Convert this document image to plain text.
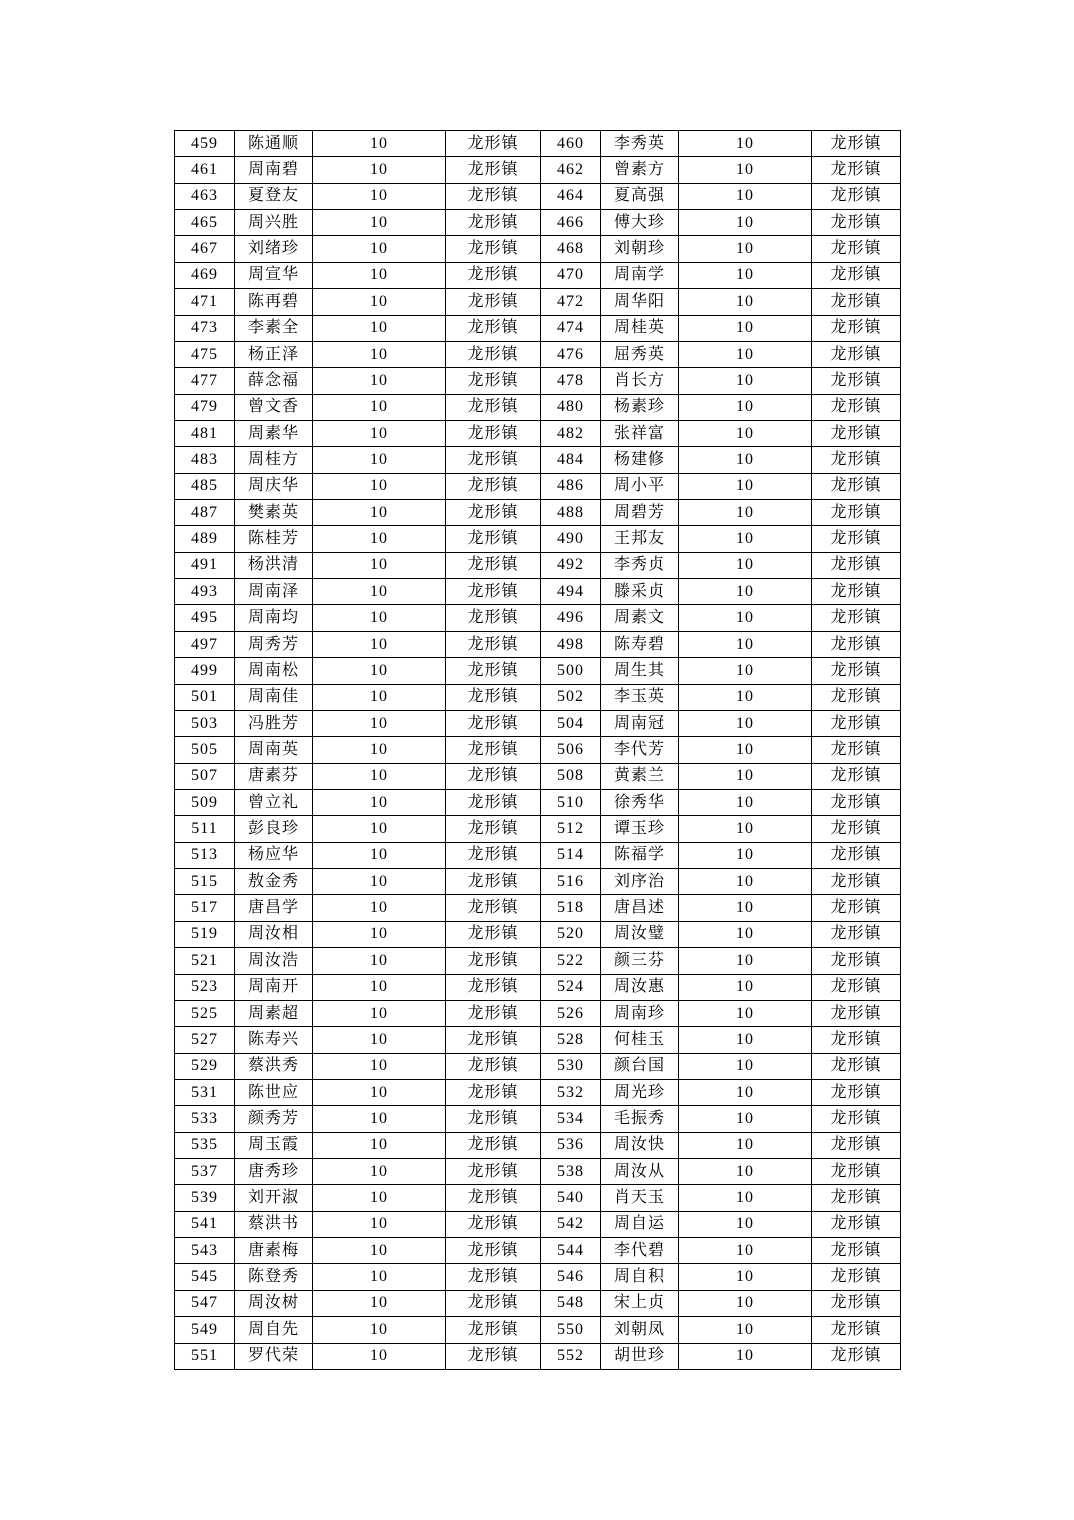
459	陈通顺	10	龙形镇	460	李秀英	10	龙形镇
461	周南碧	10	龙形镇	462	曾素方	10	龙形镇
463	夏登友	10	龙形镇	464	夏高强	10	龙形镇
465	周兴胜	10	龙形镇	466	傅大珍	10	龙形镇
467	刘绪珍	10	龙形镇	468	刘朝珍	10	龙形镇
469	周宣华	10	龙形镇	470	周南学	10	龙形镇
471	陈再碧	10	龙形镇	472	周华阳	10	龙形镇
473	李素全	10	龙形镇	474	周桂英	10	龙形镇
475	杨正泽	10	龙形镇	476	屈秀英	10	龙形镇
477	薛念福	10	龙形镇	478	肖长方	10	龙形镇
479	曾文香	10	龙形镇	480	杨素珍	10	龙形镇
481	周素华	10	龙形镇	482	张祥富	10	龙形镇
483	周桂方	10	龙形镇	484	杨建修	10	龙形镇
485	周庆华	10	龙形镇	486	周小平	10	龙形镇
487	樊素英	10	龙形镇	488	周碧芳	10	龙形镇
489	陈桂芳	10	龙形镇	490	王邦友	10	龙形镇
491	杨洪清	10	龙形镇	492	李秀贞	10	龙形镇
493	周南泽	10	龙形镇	494	滕采贞	10	龙形镇
495	周南均	10	龙形镇	496	周素文	10	龙形镇
497	周秀芳	10	龙形镇	498	陈寿碧	10	龙形镇
499	周南松	10	龙形镇	500	周生其	10	龙形镇
501	周南佳	10	龙形镇	502	李玉英	10	龙形镇
503	冯胜芳	10	龙形镇	504	周南冠	10	龙形镇
505	周南英	10	龙形镇	506	李代芳	10	龙形镇
507	唐素芬	10	龙形镇	508	黄素兰	10	龙形镇
509	曾立礼	10	龙形镇	510	徐秀华	10	龙形镇
511	彭良珍	10	龙形镇	512	谭玉珍	10	龙形镇
513	杨应华	10	龙形镇	514	陈福学	10	龙形镇
515	敖金秀	10	龙形镇	516	刘序治	10	龙形镇
517	唐昌学	10	龙形镇	518	唐昌述	10	龙形镇
519	周汝相	10	龙形镇	520	周汝璧	10	龙形镇
521	周汝浩	10	龙形镇	522	颜三芬	10	龙形镇
523	周南开	10	龙形镇	524	周汝惠	10	龙形镇
525	周素超	10	龙形镇	526	周南珍	10	龙形镇
527	陈寿兴	10	龙形镇	528	何桂玉	10	龙形镇
529	蔡洪秀	10	龙形镇	530	颜台国	10	龙形镇
531	陈世应	10	龙形镇	532	周光珍	10	龙形镇
533	颜秀芳	10	龙形镇	534	毛振秀	10	龙形镇
535	周玉霞	10	龙形镇	536	周汝快	10	龙形镇
537	唐秀珍	10	龙形镇	538	周汝从	10	龙形镇
539	刘开淑	10	龙形镇	540	肖天玉	10	龙形镇
541	蔡洪书	10	龙形镇	542	周自运	10	龙形镇
543	唐素梅	10	龙形镇	544	李代碧	10	龙形镇
545	陈登秀	10	龙形镇	546	周自积	10	龙形镇
547	周汝树	10	龙形镇	548	宋上贞	10	龙形镇
549	周自先	10	龙形镇	550	刘朝凤	10	龙形镇
551	罗代荣	10	龙形镇	552	胡世珍	10	龙形镇
